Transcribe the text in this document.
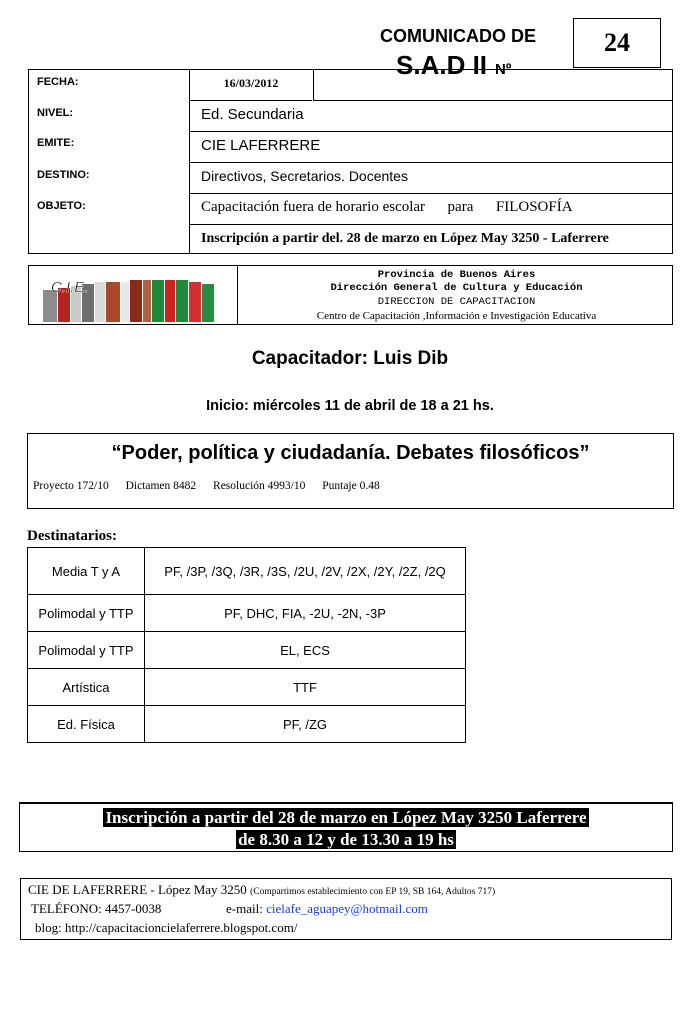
COMUNICADO DE
S.A.D II Nº
24
FECHA:	16/03/2012
NIVEL:	Ed. Secundaria
EMITE:	CIE LAFERRERE
DESTINO:	Directivos, Secretarios. Docentes
OBJETO:	Capacitación fuera de horario escolar      para      FILOSOFÍA
Inscripción a partir del. 28 de marzo en López May 3250 - Laferrere
C.I.E.
Provincia de Buenos Aires
Dirección General de Cultura y Educación
DIRECCION DE CAPACITACION
Centro de Capacitación ,Información e Investigación Educativa
Capacitador: Luis Dib
Inicio: miércoles 11 de abril de 18 a 21 hs.
“Poder, política y ciudadanía. Debates filosóficos”
Proyecto 172/10 Dictamen 8482 Resolución 4993/10 Puntaje 0.48
Destinatarios:
Media T y A	PF, /3P, /3Q, /3R, /3S, /2U, /2V, /2X, /2Y, /2Z, /2Q
Polimodal y TTP	PF, DHC, FIA, -2U, -2N, -3P
Polimodal y TTP	EL, ECS
Artística	TTF
Ed. Física	PF, /ZG
Inscripción a partir del 28 de marzo en López May 3250 Laferrere
de 8.30 a 12 y de 13.30 a 19 hs
CIE DE LAFERRERE - López May 3250 (Compartimos establecimiento con EP 19, SB 164, Adultos 717)
TELÉFONO: 4457-0038	e-mail: cielafe_aguapey@hotmail.com
blog: http://capacitacioncielaferrere.blogspot.com/
